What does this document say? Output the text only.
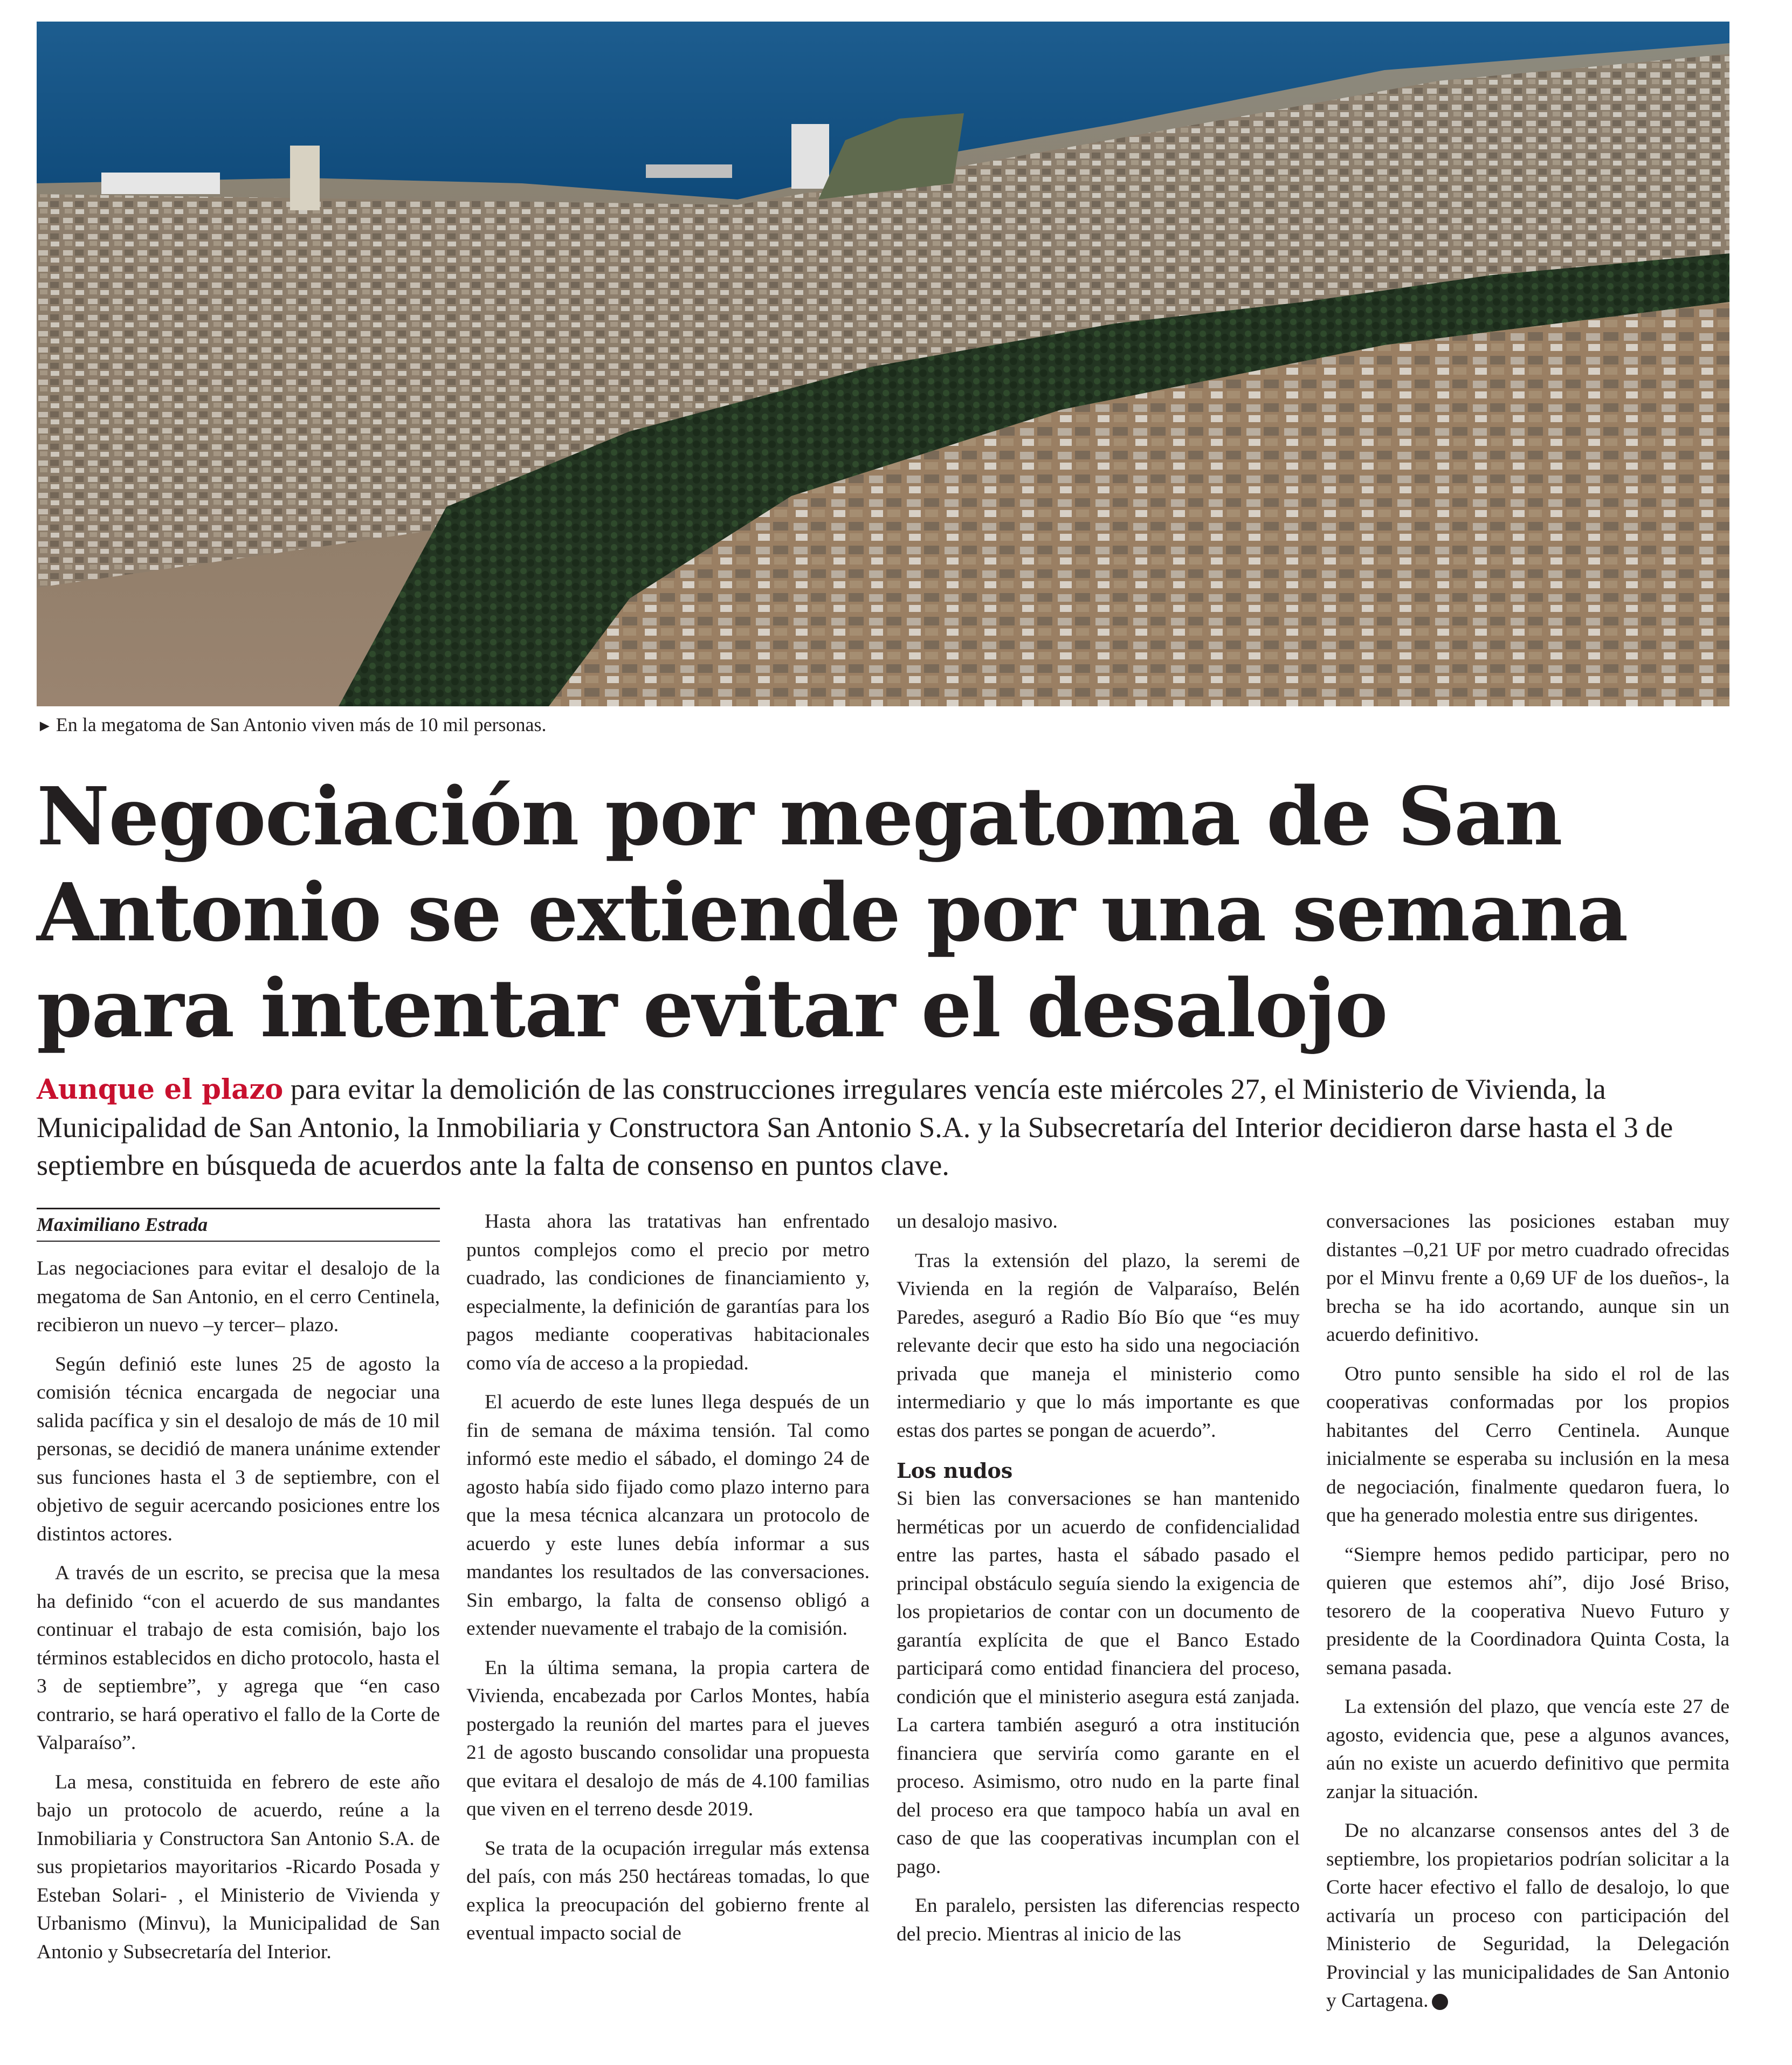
► En la megatoma de San Antonio viven más de 10 mil personas.
Negociación por megatoma de San Antonio se extiende por una semana para intentar evitar el desalojo

Aunque el plazo para evitar la demolición de las construcciones irregulares vencía este miércoles 27, el Ministerio de Vivienda, la Municipalidad de San Antonio, la Inmobiliaria y Constructora San Antonio S.A. y la Subsecretaría del Interior decidieron darse hasta el 3 de septiembre en búsqueda de acuerdos ante la falta de consenso en puntos clave.

Maximiliano Estrada

Las negociaciones para evitar el desalojo de la megatoma de San Antonio, en el cerro Centinela, recibieron un nuevo –y tercer– plazo.

Según definió este lunes 25 de agosto la comisión técnica encargada de negociar una salida pacífica y sin el desalojo de más de 10 mil personas, se decidió de manera unánime extender sus funciones hasta el 3 de septiembre, con el objetivo de seguir acercando posiciones entre los distintos actores.

A través de un escrito, se precisa que la mesa ha definido “con el acuerdo de sus mandantes continuar el trabajo de esta comisión, bajo los términos establecidos en dicho protocolo, hasta el 3 de septiembre”, y agrega que “en caso contrario, se hará operativo el fallo de la Corte de Valparaíso”.

La mesa, constituida en febrero de este año bajo un protocolo de acuerdo, reúne a la Inmobiliaria y Constructora San Antonio S.A. de sus propietarios mayoritarios -Ricardo Posada y Esteban Solari- , el Ministerio de Vivienda y Urbanismo (Minvu), la Municipalidad de San Antonio y Subsecretaría del Interior.

Hasta ahora las tratativas han enfrentado puntos complejos como el precio por metro cuadrado, las condiciones de financiamiento y, especialmente, la definición de garantías para los pagos mediante cooperativas habitacionales como vía de acceso a la propiedad.

El acuerdo de este lunes llega después de un fin de semana de máxima tensión. Tal como informó este medio el sábado, el domingo 24 de agosto había sido fijado como plazo interno para que la mesa técnica alcanzara un protocolo de acuerdo y este lunes debía informar a sus mandantes los resultados de las conversaciones. Sin embargo, la falta de consenso obligó a extender nuevamente el trabajo de la comisión.

En la última semana, la propia cartera de Vivienda, encabezada por Carlos Montes, había postergado la reunión del martes para el jueves 21 de agosto buscando consolidar una propuesta que evitara el desalojo de más de 4.100 familias que viven en el terreno desde 2019.

Se trata de la ocupación irregular más extensa del país, con más 250 hectáreas tomadas, lo que explica la preocupación del gobierno frente al eventual impacto social de

un desalojo masivo.

Tras la extensión del plazo, la seremi de Vivienda en la región de Valparaíso, Belén Paredes, aseguró a Radio Bío Bío que “es muy relevante decir que esto ha sido una negociación privada que maneja el ministerio como intermediario y que lo más importante es que estas dos partes se pongan de acuerdo”.

Los nudos

Si bien las conversaciones se han mantenido herméticas por un acuerdo de confidencialidad entre las partes, hasta el sábado pasado el principal obstáculo seguía siendo la exigencia de los propietarios de contar con un documento de garantía explícita de que el Banco Estado participará como entidad financiera del proceso, condición que el ministerio asegura está zanjada. La cartera también aseguró a otra institución financiera que serviría como garante en el proceso. Asimismo, otro nudo en la parte final del proceso era que tampoco había un aval en caso de que las cooperativas incumplan con el pago.

En paralelo, persisten las diferencias respecto del precio. Mientras al inicio de las

conversaciones las posiciones estaban muy distantes –0,21 UF por metro cuadrado ofrecidas por el Minvu frente a 0,69 UF de los dueños-, la brecha se ha ido acortando, aunque sin un acuerdo definitivo.

Otro punto sensible ha sido el rol de las cooperativas conformadas por los propios habitantes del Cerro Centinela. Aunque inicialmente se esperaba su inclusión en la mesa de negociación, finalmente quedaron fuera, lo que ha generado molestia entre sus dirigentes.

“Siempre hemos pedido participar, pero no quieren que estemos ahí”, dijo José Briso, tesorero de la cooperativa Nuevo Futuro y presidente de la Coordinadora Quinta Costa, la semana pasada.

La extensión del plazo, que vencía este 27 de agosto, evidencia que, pese a algunos avances, aún no existe un acuerdo definitivo que permita zanjar la situación.

De no alcanzarse consensos antes del 3 de septiembre, los propietarios podrían solicitar a la Corte hacer efectivo el fallo de desalojo, lo que activaría un proceso con participación del Ministerio de Seguridad, la Delegación Provincial y las municipalidades de San Antonio y Cartagena.
